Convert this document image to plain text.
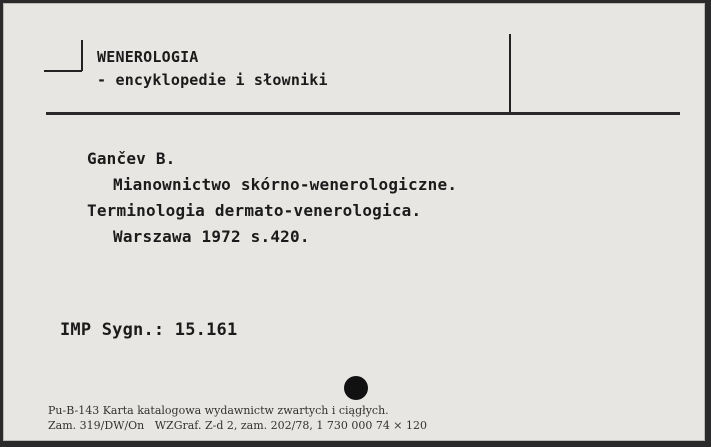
WENEROLOGIA
- encyklopedie i słowniki
Gančev B.
Mianownictwo skórno-wenerologiczne.
Terminologia dermato-venerologica.
Warszawa 1972 s.420.
IMP Sygn.: 15.161
Pu-B-143 Karta katalogowa wydawnictw zwartych i ciągłych.
Zam. 319/DW/On   WZGraf. Z-d 2, zam. 202/78, 1 730 000 74 × 120
